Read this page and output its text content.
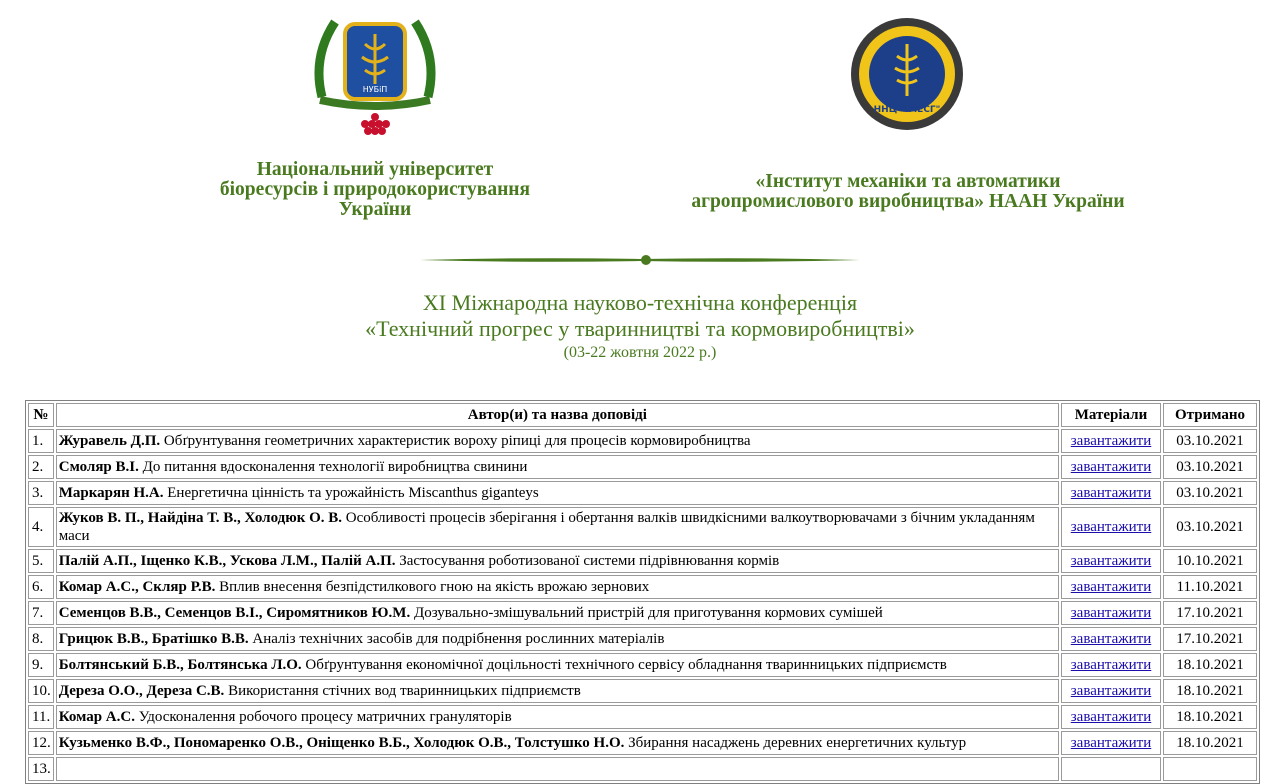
НУБіП
ННЦ "ІМЕСГ"
Національний університет
біоресурсів і природокористування
України
«Інститут механіки та автоматики
агропромислового виробництва» НААН України
XI Міжнародна науково-технічна конференція
«Технічний прогрес у тваринництві та кормовиробництві»
(03-22 жовтня 2022 р.)
№	Автор(и) та назва доповіді	Матеріали	Отримано
1.	Журавель Д.П. Обґрунтування геометричних характеристик вороху ріпиці для процесів кормовиробництва	завантажити	03.10.2021
2.	Смоляр В.І. До питання вдосконалення технології виробництва свинини	завантажити	03.10.2021
3.	Маркарян Н.А. Енергетична цінність та урожайність Miscanthus giganteys	завантажити	03.10.2021
4.	Жуков В. П., Найдіна Т. В., Холодюк О. В. Особливості процесів зберігання і обертання валків швидкісними валкоутворювачами з бічним укладанням маси	завантажити	03.10.2021
5.	Палій А.П., Іщенко К.В., Ускова Л.М., Палій А.П. Застосування роботизованої системи підрівнювання кормів	завантажити	10.10.2021
6.	Комар А.С., Скляр Р.В. Вплив внесення безпідстилкового гною на якість врожаю зернових	завантажити	11.10.2021
7.	Семенцов В.В., Семенцов В.І., Сиромятников Ю.М. Дозувально-змішувальний пристрій для приготування кормових сумішей	завантажити	17.10.2021
8.	Грицюк В.В., Братішко В.В. Аналіз технічних засобів для подрібнення рослинних матеріалів	завантажити	17.10.2021
9.	Болтянський Б.В., Болтянська Л.О. Обґрунтування економічної доцільності технічного сервісу обладнання тваринницьких підприємств	завантажити	18.10.2021
10.	Дереза О.О., Дереза С.В. Використання стічних вод тваринницьких підприємств	завантажити	18.10.2021
11.	Комар А.С. Удосконалення робочого процесу матричних грануляторів	завантажити	18.10.2021
12.	Кузьменко В.Ф., Пономаренко О.В., Оніщенко В.Б., Холодюк О.В., Толстушко Н.О. Збирання насаджень деревних енергетичних культур	завантажити	18.10.2021
13.			
